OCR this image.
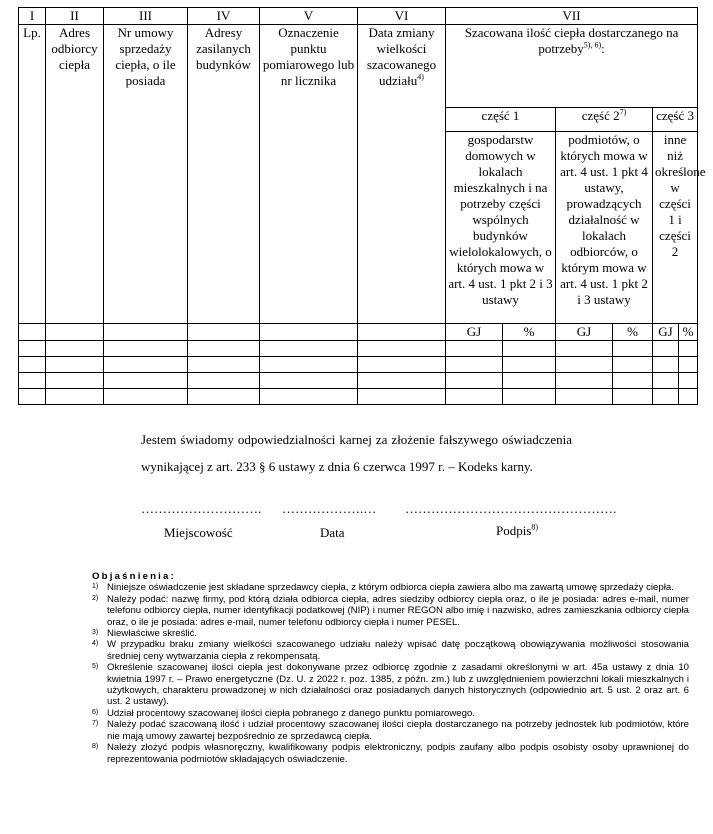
I	II	III	IV	V	VI	VII					
Lp.	Adres odbiorcy ciepła	Nr umowy sprzedaży ciepła, o ile posiada	Adresy zasilanych budynków	Oznaczenie punktu pomiarowego lub nr licznika	Data zmiany wielkości szacowanego udziału$^{4)}$	Szacowana ilość ciepła dostarczanego na potrzeby$^{5), 6)}$:					
						część 1		część 2$^{7)}$		część 3	
						gospodarstw domowych w lokalach mieszkalnych i na potrzeby części wspólnych budynków wielolokalowych, o których mowa w art. 4 ust. 1 pkt 2 i 3 ustawy		podmiotów, o których mowa w art. 4 ust. 1 pkt 4 ustawy, prowadzących działalność w lokalach odbiorców, o którym mowa w art. 4 ust. 1 pkt 2 i 3 ustawy		inne niż określone w części 1 i części 2	
						GJ	%	GJ	%	GJ	%

Jestem świadomy odpowiedzialności karnej za złożenie fałszywego oświadczenia wynikającej z art. 233 § 6 ustawy z dnia 6 czerwca 1997 r. – Kodeks karny.
………………………. ……………….… ………………………………………….
Miejscowość	Data	Podpis$^{8)}$
Objaśnienia:
1) Niniejsze oświadczenie jest składane sprzedawcy ciepła, z którym odbiorca ciepła zawiera albo ma zawartą umowę sprzedaży ciepła.
2) Należy podać: nazwę firmy, pod którą działa odbiorca ciepła, adres siedziby odbiorcy ciepła oraz, o ile je posiada: adres e-mail, numer telefonu odbiorcy ciepła, numer identyfikacji podatkowej (NIP) i numer REGON albo imię i nazwisko, adres zamieszkania odbiorcy ciepła oraz, o ile je posiada: adres e-mail, numer telefonu odbiorcy ciepła i numer PESEL.
3) Niewłaściwe skreślić.
4) W przypadku braku zmiany wielkości szacowanego udziału należy wpisać datę początkową obowiązywania możliwości stosowania średniej ceny wytwarzania ciepła z rekompensatą.
5) Określenie szacowanej ilości ciepła jest dokonywane przez odbiorcę zgodnie z zasadami określonymi w art. 45a ustawy z dnia 10 kwietnia 1997 r. – Prawo energetyczne (Dz. U. z 2022 r. poz. 1385, z późn. zm.) lub z uwzględnieniem powierzchni lokali mieszkalnych i użytkowych, charakteru prowadzonej w nich działalności oraz posiadanych danych historycznych (odpowiednio art. 5 ust. 2 oraz art. 6 ust. 2 ustawy).
6) Udział procentowy szacowanej ilości ciepła pobranego z danego punktu pomiarowego.
7) Należy podać szacowaną ilość i udział procentowy szacowanej ilości ciepła dostarczanego na potrzeby jednostek lub podmiotów, które nie mają umowy zawartej bezpośrednio ze sprzedawcą ciepła.
8) Należy złożyć podpis własnoręczny, kwalifikowany podpis elektroniczny, podpis zaufany albo podpis osobisty osoby uprawnionej do reprezentowania podmiotów składających oświadczenie.
